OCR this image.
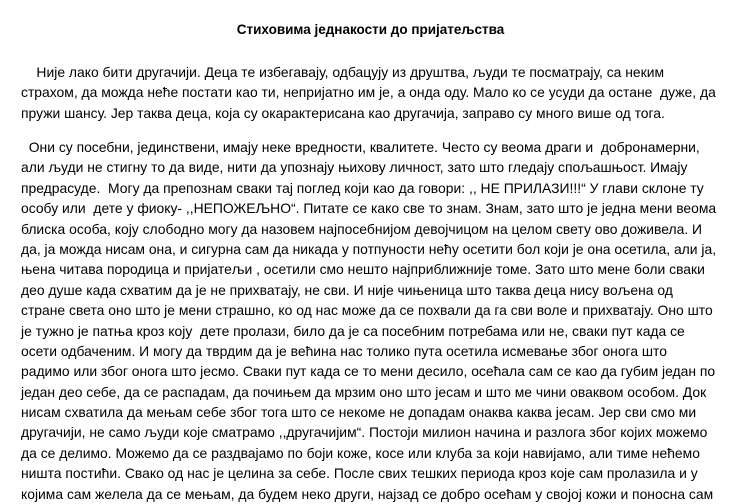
Стиховима једнакости до пријатељства
Није лако бити другачији. Деца те избегавају, одбацују из друштва, људи те посматрају, са неким
страхом, да можда неће постати као ти, непријатно им је, а онда оду. Мало ко се усуди да остане  дуже, да
пружи шансу. Јер таква деца, која су окарактерисана као другачија, заправо су много више од тога.
Они су посебни, јединствени, имају неке вредности, квалитете. Често су веома драги и  добронамерни,
али људи не стигну то да виде, нити да упознају њихову личност, зато што гледају спољашњост. Имају
предрасуде.  Могу да препознам сваки тај поглед који као да говори: ,, НЕ ПРИЛАЗИ!!!“ У глави склоне ту
особу или  дете у фиоку- ,,НЕПОЖЕЉНО“. Питате се како све то знам. Знам, зато што је једна мени веома
блиска особа, коју слободно могу да назовем најпосебнијом девојчицом на целом свету ово доживела. И
да, ја можда нисам она, и сигурна сам да никада у потпуности нећу осетити бол који је она осетила, али ја,
њена читава породица и пријатељи , осетили смо нешто најприближније томе. Зато што мене боли сваки
део душе када схватим да је не прихватају, не сви. И није чињеница што таква деца нису вољена од
стране света оно што је мени страшно, ко од нас може да се похвали да га сви воле и прихватају. Оно што
је тужно је патња кроз коју  дете пролази, било да је са посебним потребама или не, сваки пут када се
осети одбаченим. И могу да тврдим да је већина нас толико пута осетила исмевање због онога што
радимо или због онога што јесмо. Сваки пут када се то мени десило, осећала сам се као да губим један по
један део себе, да се распадам, да почињем да мрзим оно што јесам и што ме чини оваквом особом. Док
нисам схватила да мењам себе због тога што се некоме не допадам онаква каква јесам. Јер сви смо ми
другачији, не само људи које сматрамо ,,другачијим“. Постоји милион начина и разлога због којих можемо
да се делимо. Можемо да се раздвајамо по боји коже, косе или клуба за који навијамо, али тиме нећемо
ништа постићи. Свако од нас је целина за себе. После свих тешких периода кроз које сам пролазила и у
којима сам желела да се мењам, да будем неко други, најзад се добро осећам у својој кожи и поносна сам
